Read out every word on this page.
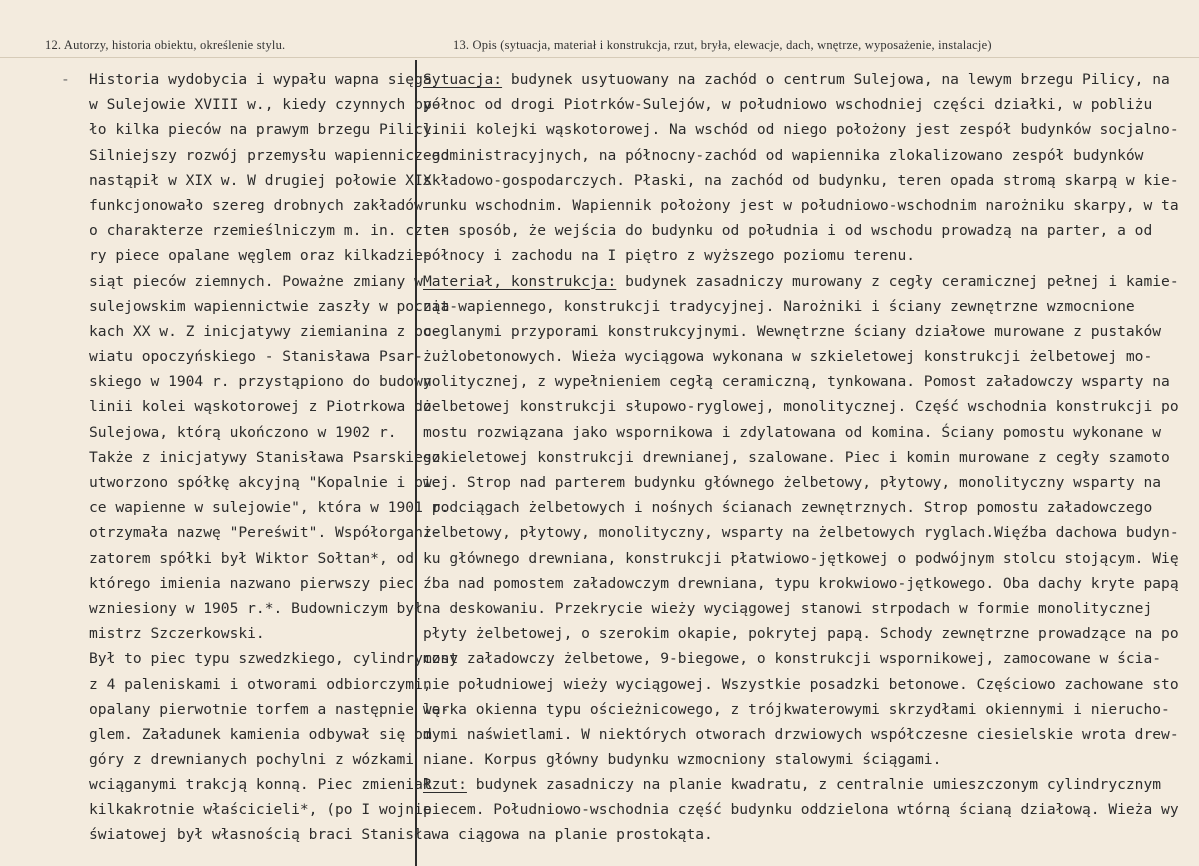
12. Autorzy, historia obiektu, określenie stylu.	13. Opis (sytuacja, materiał i konstrukcja, rzut, bryła, elewacje, dach, wnętrze, wyposażenie, instalacje)
- Historia wydobycia i wypału wapna sięga
w Sulejowie XVIII w., kiedy czynnych by-
ło kilka pieców na prawym brzegu Pilicy.
Silniejszy rozwój przemysłu wapienniczego
nastąpił w XIX w. W drugiej połowie XIX
funkcjonowało szereg drobnych zakładów
o charakterze rzemieślniczym m. in. czte-
ry piece opalane węglem oraz kilkadzie-
siąt pieców ziemnych. Poważne zmiany w
sulejowskim wapiennictwie zaszły w począt-
kach XX w. Z inicjatywy ziemianina z po-
wiatu opoczyńskiego - Stanisława Psar-
skiego w 1904 r. przystąpiono do budowy
linii kolei wąskotorowej z Piotrkowa do
Sulejowa, którą ukończono w 1902 r.
Także z inicjatywy Stanisława Psarskiego
utworzono spółkę akcyjną "Kopalnie i pie
ce wapienne w sulejowie", która w 1901 r.
otrzymała nazwę "Pereświt". Współorgani-
zatorem spółki był Wiktor Sołtan*, od
którego imienia nazwano pierwszy piec
wzniesiony w 1905 r.*. Budowniczym był
mistrz Szczerkowski.
Był to piec typu szwedzkiego, cylindryczny
z 4 paleniskami i otworami odbiorczymi,
opalany pierwotnie torfem a następnie wę-
glem. Załadunek kamienia odbywał się od
góry z drewnianych pochylni z wózkami
wciąganymi trakcją konną. Piec zmieniał
kilkakrotnie właścicieli*, (po I wojnie
Sytuacja: budynek usytuowany na zachód o centrum Sulejowa, na lewym brzegu Pilicy, na
północ od drogi Piotrków-Sulejów, w południowo wschodniej części działki, w pobliżu
linii kolejki wąskotorowej. Na wschód od niego położony jest zespół budynków socjalno-
-administracyjnych, na północny-zachód od wapiennika zlokalizowano zespół budynków
składowo-gospodarczych. Płaski, na zachód od budynku, teren opada stromą skarpą w kie-
runku wschodnim. Wapiennik położony jest w południowo-wschodnim narożniku skarpy, w ta
ten sposób, że wejścia do budynku od południa i od wschodu prowadzą na parter, a od
północy i zachodu na I piętro z wyższego poziomu terenu.
Materiał, konstrukcja: budynek zasadniczy murowany z cegły ceramicznej pełnej i kamie-
nia wapiennego, konstrukcji tradycyjnej. Narożniki i ściany zewnętrzne wzmocnione
ceglanymi przyporami konstrukcyjnymi. Wewnętrzne ściany działowe murowane z pustaków
żużlobetonowych. Wieża wyciągowa wykonana w szkieletowej konstrukcji żelbetowej mo-
nolitycznej, z wypełnieniem cegłą ceramiczną, tynkowana. Pomost załadowczy wsparty na
żelbetowej konstrukcji słupowo-ryglowej, monolitycznej. Część wschodnia konstrukcji po
mostu rozwiązana jako wspornikowa i zdylatowana od komina. Ściany pomostu wykonane w
szkieletowej konstrukcji drewnianej, szalowane. Piec i komin murowane z cegły szamoto
wej. Strop nad parterem budynku głównego żelbetowy, płytowy, monolityczny wsparty na
podciągach żelbetowych i nośnych ścianach zewnętrznych. Strop pomostu załadowczego
żelbetowy, płytowy, monolityczny, wsparty na żelbetowych ryglach.Więźba dachowa budyn-
ku głównego drewniana, konstrukcji płatwiowo-jętkowej o podwójnym stolcu stojącym. Wię
źba nad pomostem załadowczym drewniana, typu krokwiowo-jętkowego. Oba dachy kryte papą
na deskowaniu. Przekrycie wieży wyciągowej stanowi strpodach w formie monolitycznej
płyty żelbetowej, o szerokim okapie, pokrytej papą. Schody zewnętrzne prowadzące na po
most załadowczy żelbetowe, 9-biegowe, o konstrukcji wspornikowej, zamocowane w ścia-
nie południowej wieży wyciągowej. Wszystkie posadzki betonowe. Częściowo zachowane sto
larka okienna typu ościeżnicowego, z trójkwaterowymi skrzydłami okiennymi i nierucho-
mymi naświetlami. W niektórych otworach drzwiowych współczesne ciesielskie wrota drew-
niane. Korpus główny budynku wzmocniony stalowymi ściągami.
Rzut: budynek zasadniczy na planie kwadratu, z centralnie umieszczonym cylindrycznym
piecem. Południowo-wschodnia część budynku oddzielona wtórną ścianą działową. Wieża wy
światowej był własnością braci Stanisława ciągowa na planie prostokąta.
